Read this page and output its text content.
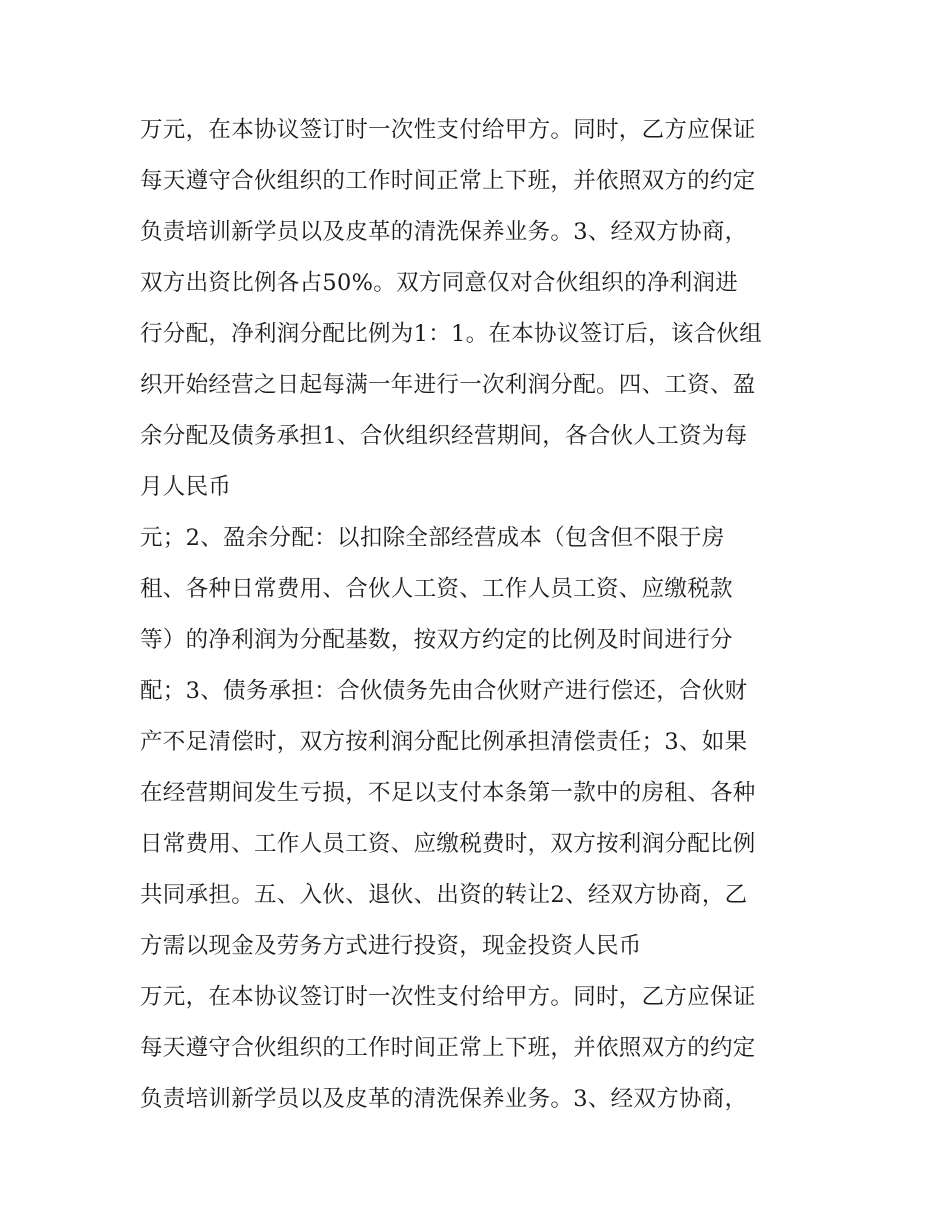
万元，在本协议签订时一次性支付给甲方。同时，乙方应保证
每天遵守合伙组织的工作时间正常上下班，并依照双方的约定
负责培训新学员以及皮革的清洗保养业务。3、经双方协商，
双方出资比例各占50%。双方同意仅对合伙组织的净利润进
行分配，净利润分配比例为1：1。在本协议签订后，该合伙组
织开始经营之日起每满一年进行一次利润分配。四、工资、盈
余分配及债务承担1、合伙组织经营期间，各合伙人工资为每
月人民币
元；2、盈余分配：以扣除全部经营成本（包含但不限于房
租、各种日常费用、合伙人工资、工作人员工资、应缴税款
等）的净利润为分配基数，按双方约定的比例及时间进行分
配；3、债务承担：合伙债务先由合伙财产进行偿还，合伙财
产不足清偿时，双方按利润分配比例承担清偿责任；3、如果
在经营期间发生亏损，不足以支付本条第一款中的房租、各种
日常费用、工作人员工资、应缴税费时，双方按利润分配比例
共同承担。五、入伙、退伙、出资的转让2、经双方协商，乙
方需以现金及劳务方式进行投资，现金投资人民币
万元，在本协议签订时一次性支付给甲方。同时，乙方应保证
每天遵守合伙组织的工作时间正常上下班，并依照双方的约定
负责培训新学员以及皮革的清洗保养业务。3、经双方协商，
